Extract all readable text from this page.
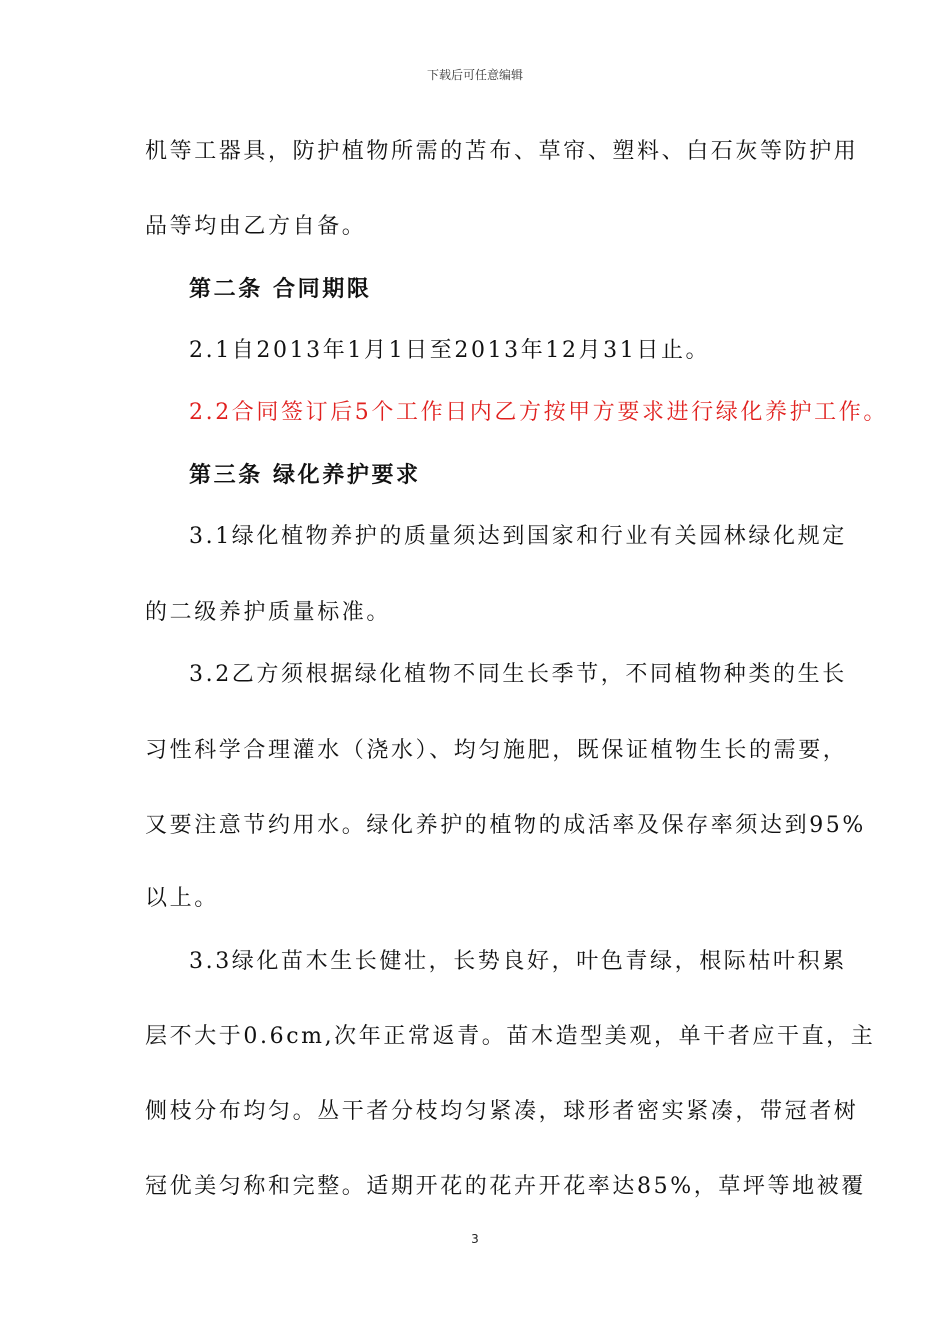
下载后可任意编辑
机等工器具，防护植物所需的苫布、草帘、塑料、白石灰等防护用
品等均由乙方自备。
第二条 合同期限
2.1自2013年1月1日至2013年12月31日止。
2.2合同签订后5个工作日内乙方按甲方要求进行绿化养护工作。
第三条 绿化养护要求
3.1绿化植物养护的质量须达到国家和行业有关园林绿化规定
的二级养护质量标准。
3.2乙方须根据绿化植物不同生长季节，不同植物种类的生长
习性科学合理灌水（浇水）、均匀施肥，既保证植物生长的需要，
又要注意节约用水。绿化养护的植物的成活率及保存率须达到95%
以上。
3.3绿化苗木生长健壮，长势良好，叶色青绿，根际枯叶积累
层不大于0.6cm,次年正常返青。苗木造型美观，单干者应干直，主
侧枝分布均匀。丛干者分枝均匀紧凑，球形者密实紧凑，带冠者树
冠优美匀称和完整。适期开花的花卉开花率达85%，草坪等地被覆
3
